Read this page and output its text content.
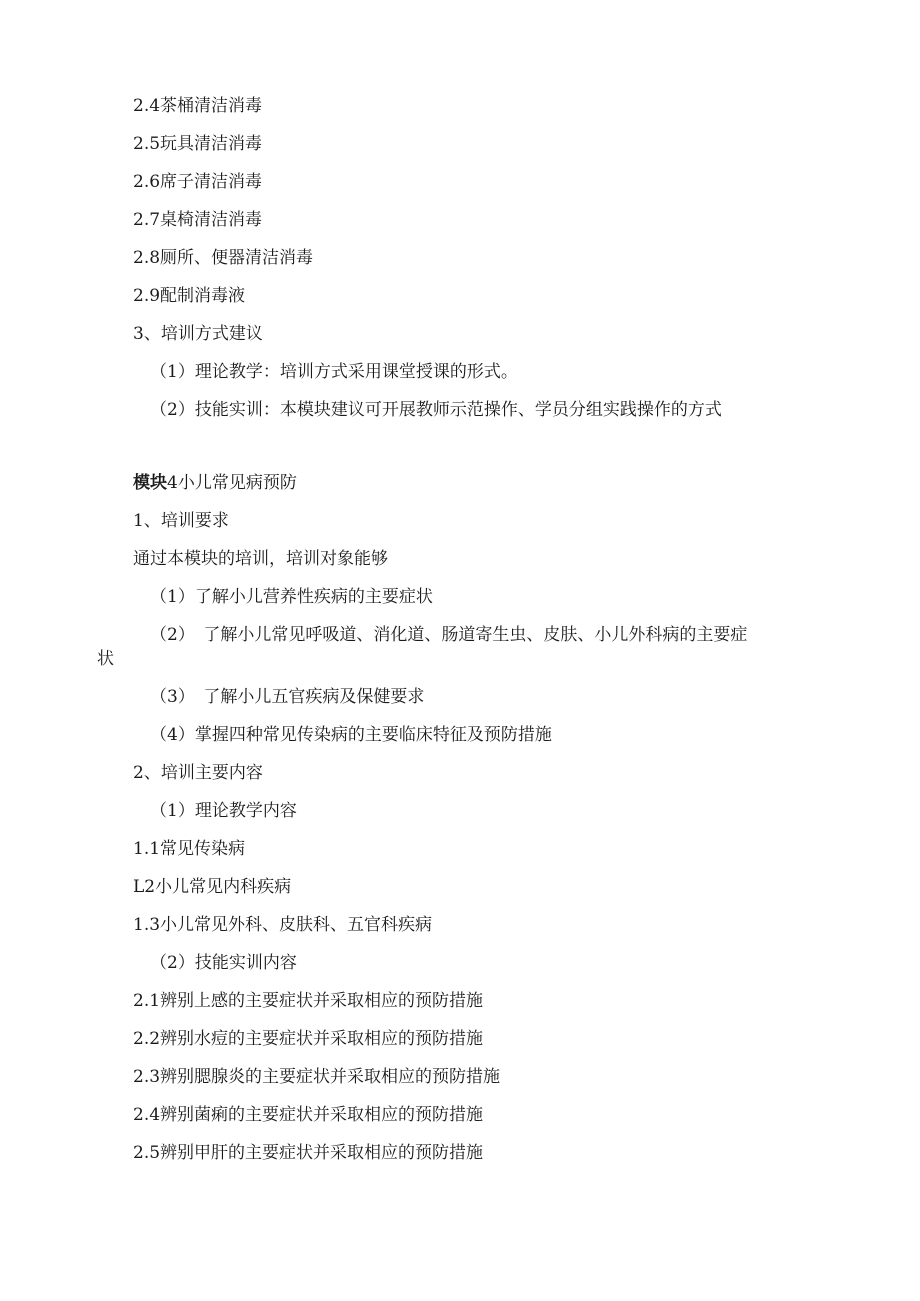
2.4茶桶清洁消毒
2.5玩具清洁消毒
2.6席子清洁消毒
2.7桌椅清洁消毒
2.8厕所、便器清洁消毒
2.9配制消毒液
3、培训方式建议
（1）理论教学：培训方式采用课堂授课的形式。
（2）技能实训：本模块建议可开展教师示范操作、学员分组实践操作的方式
模块4小儿常见病预防
1、培训要求
通过本模块的培训，培训对象能够
（1）了解小儿营养性疾病的主要症状
（2）　了解小儿常见呼吸道、消化道、肠道寄生虫、皮肤、小儿外科病的主要症
状
（3）　了解小儿五官疾病及保健要求
（4）掌握四种常见传染病的主要临床特征及预防措施
2、培训主要内容
（1）理论教学内容
1.1常见传染病
L2小儿常见内科疾病
1.3小儿常见外科、皮肤科、五官科疾病
（2）技能实训内容
2.1辨别上感的主要症状并采取相应的预防措施
2.2辨别水痘的主要症状并采取相应的预防措施
2.3辨别腮腺炎的主要症状并采取相应的预防措施
2.4辨别菌痢的主要症状并采取相应的预防措施
2.5辨别甲肝的主要症状并采取相应的预防措施
